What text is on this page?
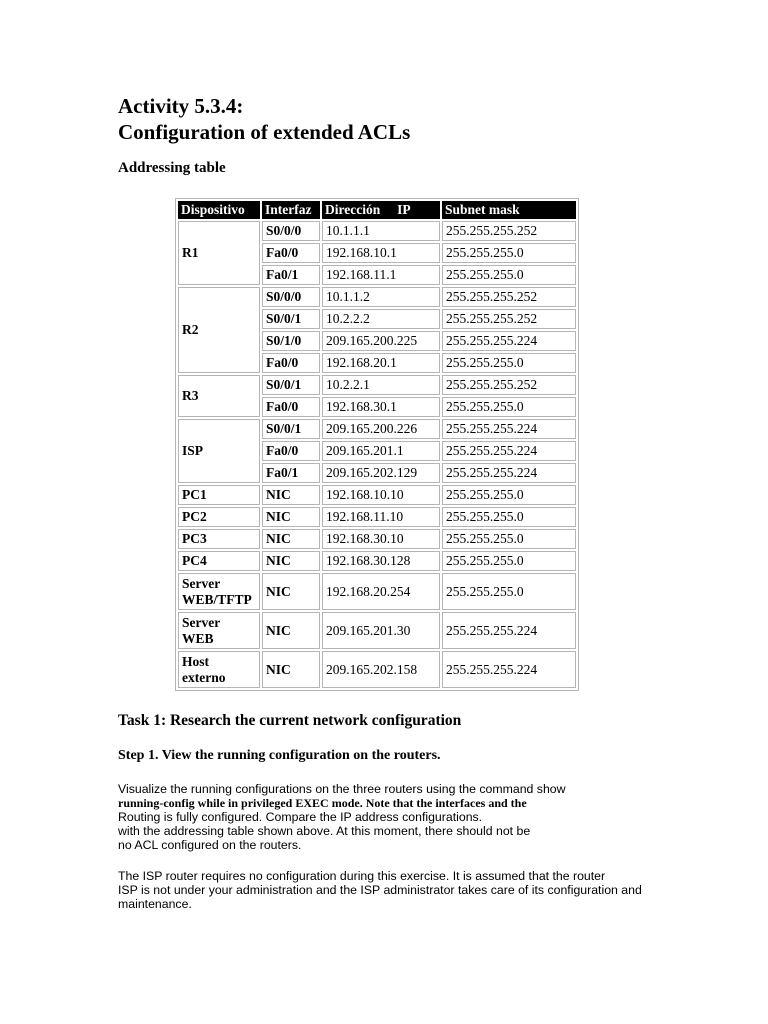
Activity 5.3.4:
Configuration of extended ACLs
Addressing table
Dispositivo	Interfaz	Dirección     IP	Subnet mask
R1	S0/0/0	10.1.1.1	255.255.255.252
	Fa0/0	192.168.10.1	255.255.255.0
	Fa0/1	192.168.11.1	255.255.255.0
R2	S0/0/0	10.1.1.2	255.255.255.252
	S0/0/1	10.2.2.2	255.255.255.252
	S0/1/0	209.165.200.225	255.255.255.224
	Fa0/0	192.168.20.1	255.255.255.0
R3	S0/0/1	10.2.2.1	255.255.255.252
	Fa0/0	192.168.30.1	255.255.255.0
ISP	S0/0/1	209.165.200.226	255.255.255.224
	Fa0/0	209.165.201.1	255.255.255.224
	Fa0/1	209.165.202.129	255.255.255.224
PC1	NIC	192.168.10.10	255.255.255.0
PC2	NIC	192.168.11.10	255.255.255.0
PC3	NIC	192.168.30.10	255.255.255.0
PC4	NIC	192.168.30.128	255.255.255.0

Server
WEB/TFTP	NIC	192.168.20.254	255.255.255.0

Server
WEB	NIC	209.165.201.30	255.255.255.224

Host
externo	NIC	209.165.202.158	255.255.255.224
Task 1: Research the current network configuration
Step 1. View the running configuration on the routers.

Visualize the running configurations on the three routers using the command show
running-config while in privileged EXEC mode. Note that the interfaces and the
Routing is fully configured. Compare the IP address configurations.
with the addressing table shown above. At this moment, there should not be
no ACL configured on the routers.

The ISP router requires no configuration during this exercise. It is assumed that the router
ISP is not under your administration and the ISP administrator takes care of its configuration and
maintenance.
